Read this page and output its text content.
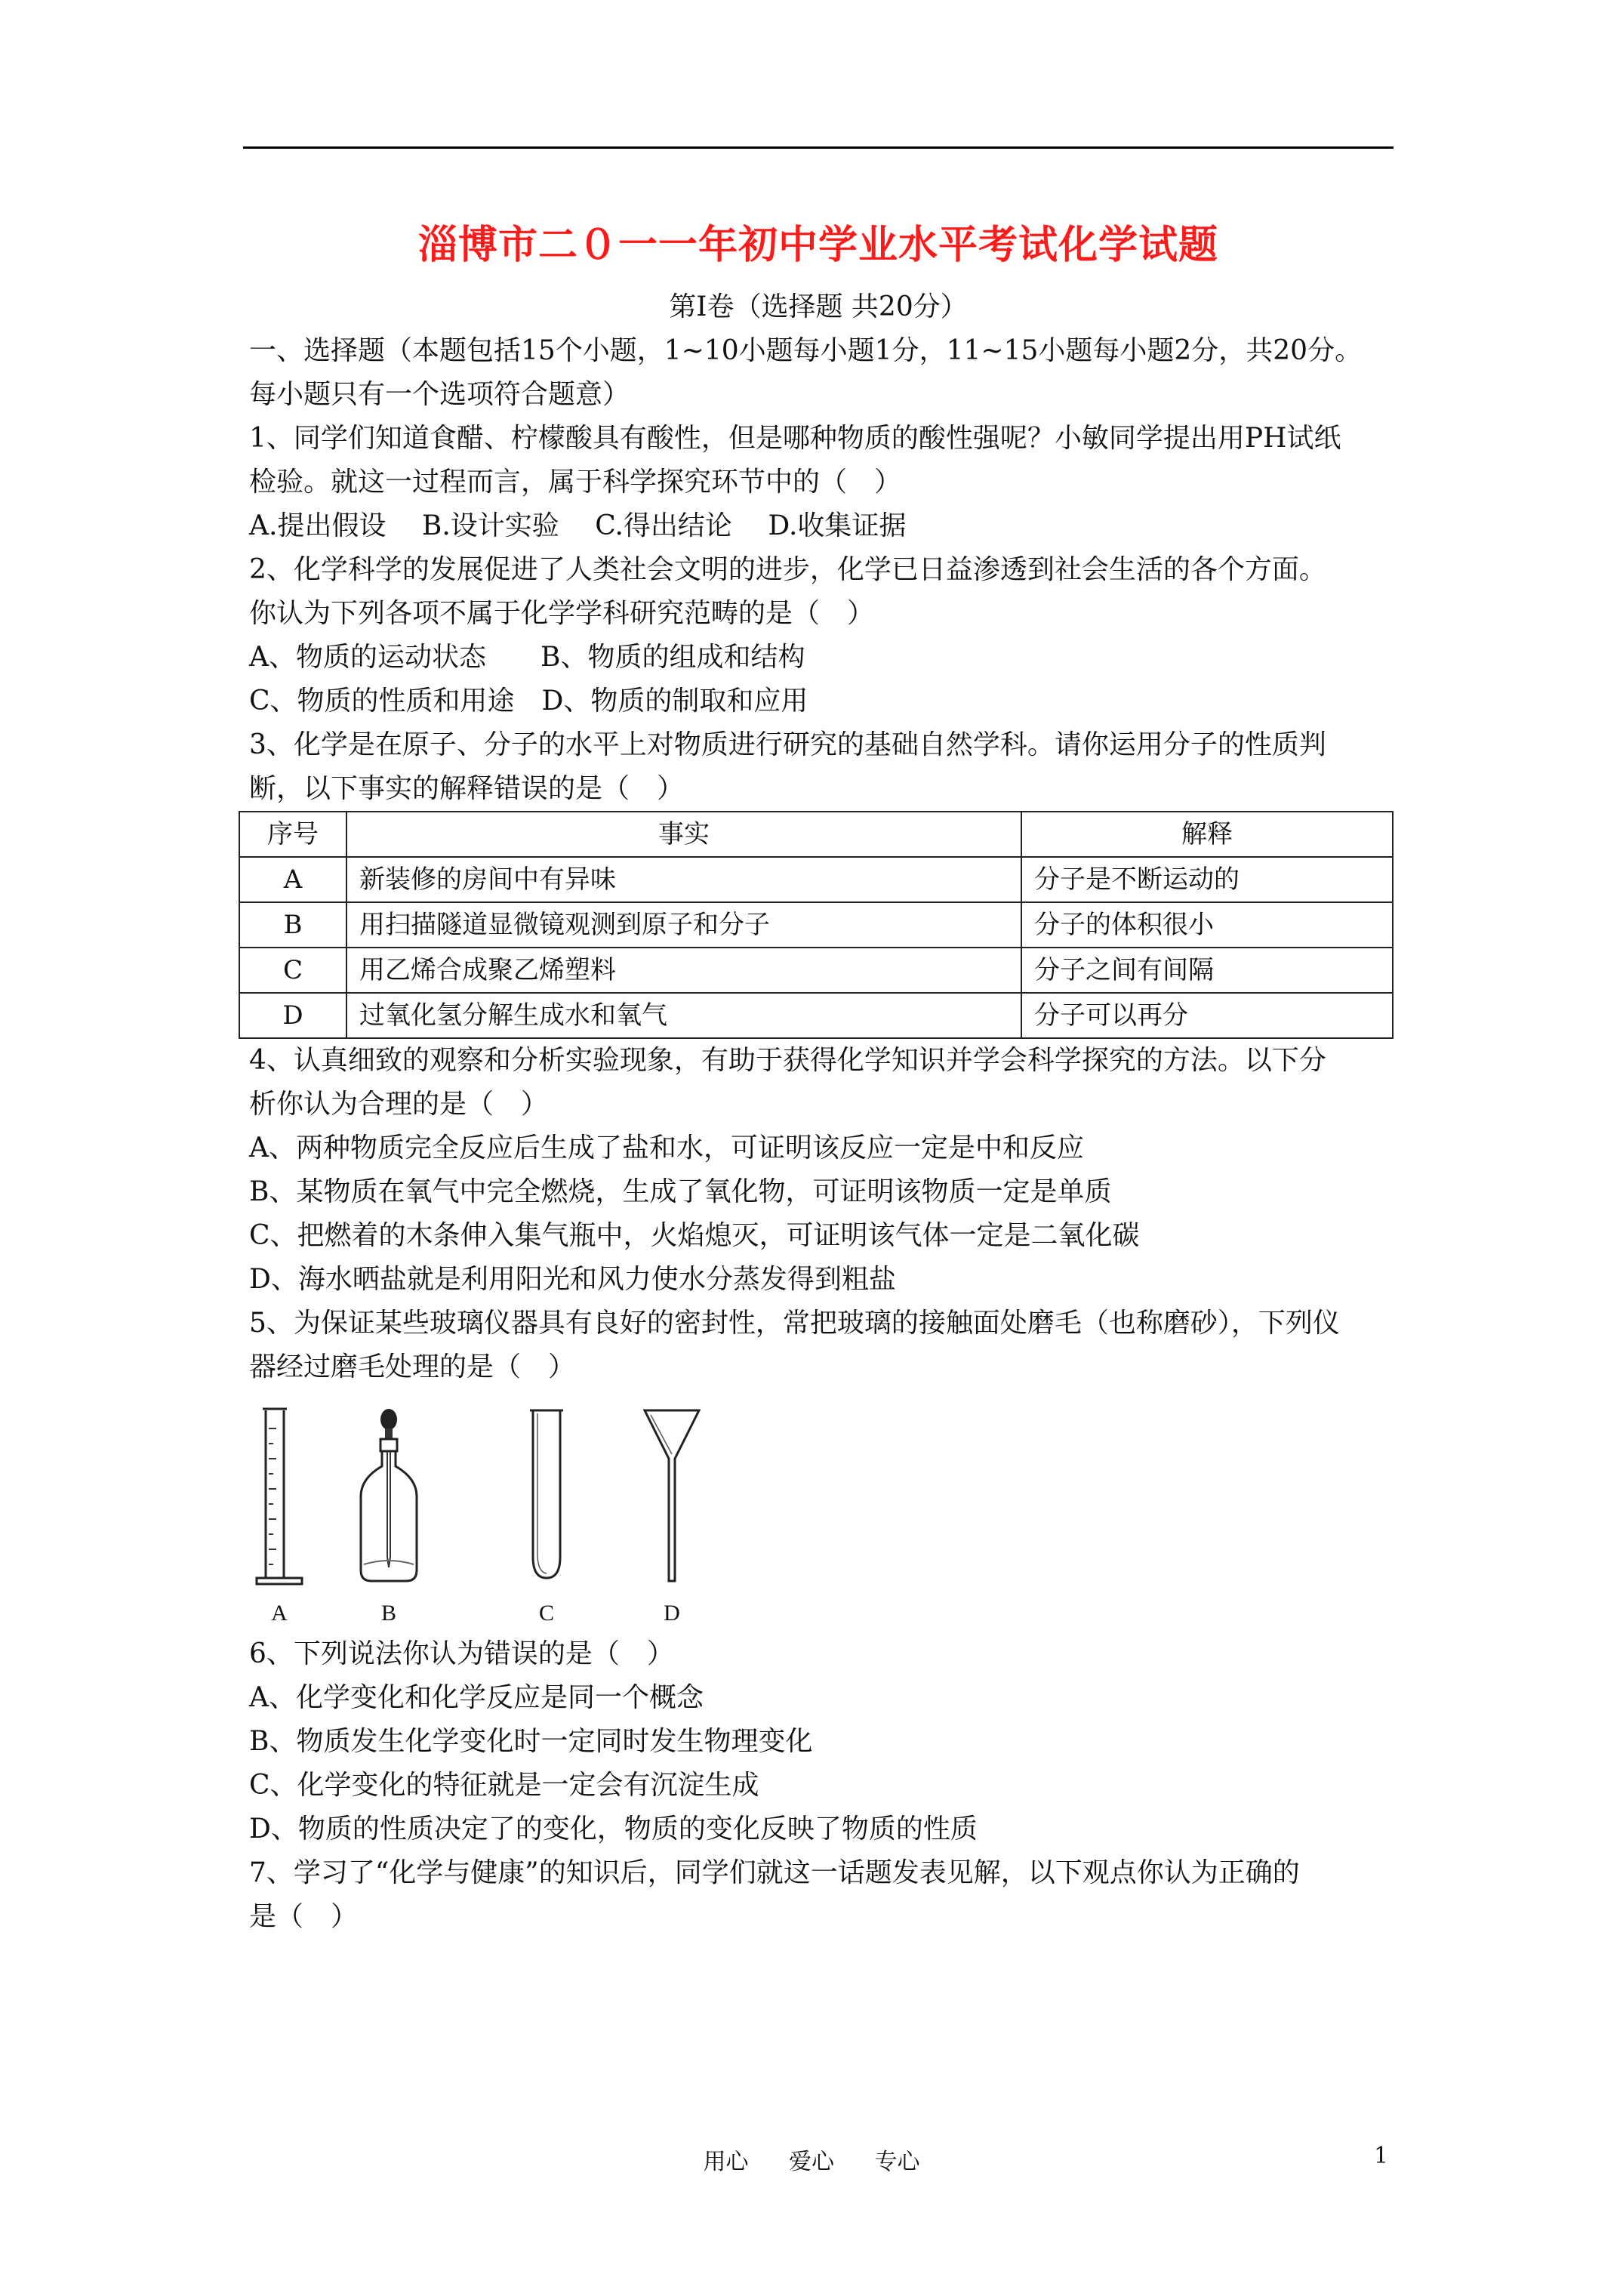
淄博市二０一一年初中学业水平考试化学试题
第Ⅰ卷（选择题 共20分）

一、选择题（本题包括15个小题，1~10小题每小题1分，11~15小题每小题2分，共20分。

每小题只有一个选项符合题意）

1、同学们知道食醋、柠檬酸具有酸性，但是哪种物质的酸性强呢？小敏同学提出用PH试纸

检验。就这一过程而言，属于科学探究环节中的（　）

A.提出假设　 B.设计实验　 C.得出结论　 D.收集证据

2、化学科学的发展促进了人类社会文明的进步，化学已日益渗透到社会生活的各个方面。

你认为下列各项不属于化学学科研究范畴的是（　）

A、物质的运动状态　　B、物质的组成和结构

C、物质的性质和用途　D、物质的制取和应用

3、化学是在原子、分子的水平上对物质进行研究的基础自然学科。请你运用分子的性质判

断，以下事实的解释错误的是（　）

序号	事实	解释
A	新装修的房间中有异味	分子是不断运动的
B	用扫描隧道显微镜观测到原子和分子	分子的体积很小
C	用乙烯合成聚乙烯塑料	分子之间有间隔
D	过氧化氢分解生成水和氧气	分子可以再分

4、认真细致的观察和分析实验现象，有助于获得化学知识并学会科学探究的方法。以下分

析你认为合理的是（　）

A、两种物质完全反应后生成了盐和水，可证明该反应一定是中和反应

B、某物质在氧气中完全燃烧，生成了氧化物，可证明该物质一定是单质

C、把燃着的木条伸入集气瓶中，火焰熄灭，可证明该气体一定是二氧化碳

D、海水晒盐就是利用阳光和风力使水分蒸发得到粗盐

5、为保证某些玻璃仪器具有良好的密封性，常把玻璃的接触面处磨毛（也称磨砂），下列仪

器经过磨毛处理的是（　）

A	B	C	D

6、下列说法你认为错误的是（　）

A、化学变化和化学反应是同一个概念

B、物质发生化学变化时一定同时发生物理变化

C、化学变化的特征就是一定会有沉淀生成

D、物质的性质决定了的变化，物质的变化反映了物质的性质

7、学习了“化学与健康”的知识后，同学们就这一话题发表见解，以下观点你认为正确的

是（　）

用心 爱心 专心	1
